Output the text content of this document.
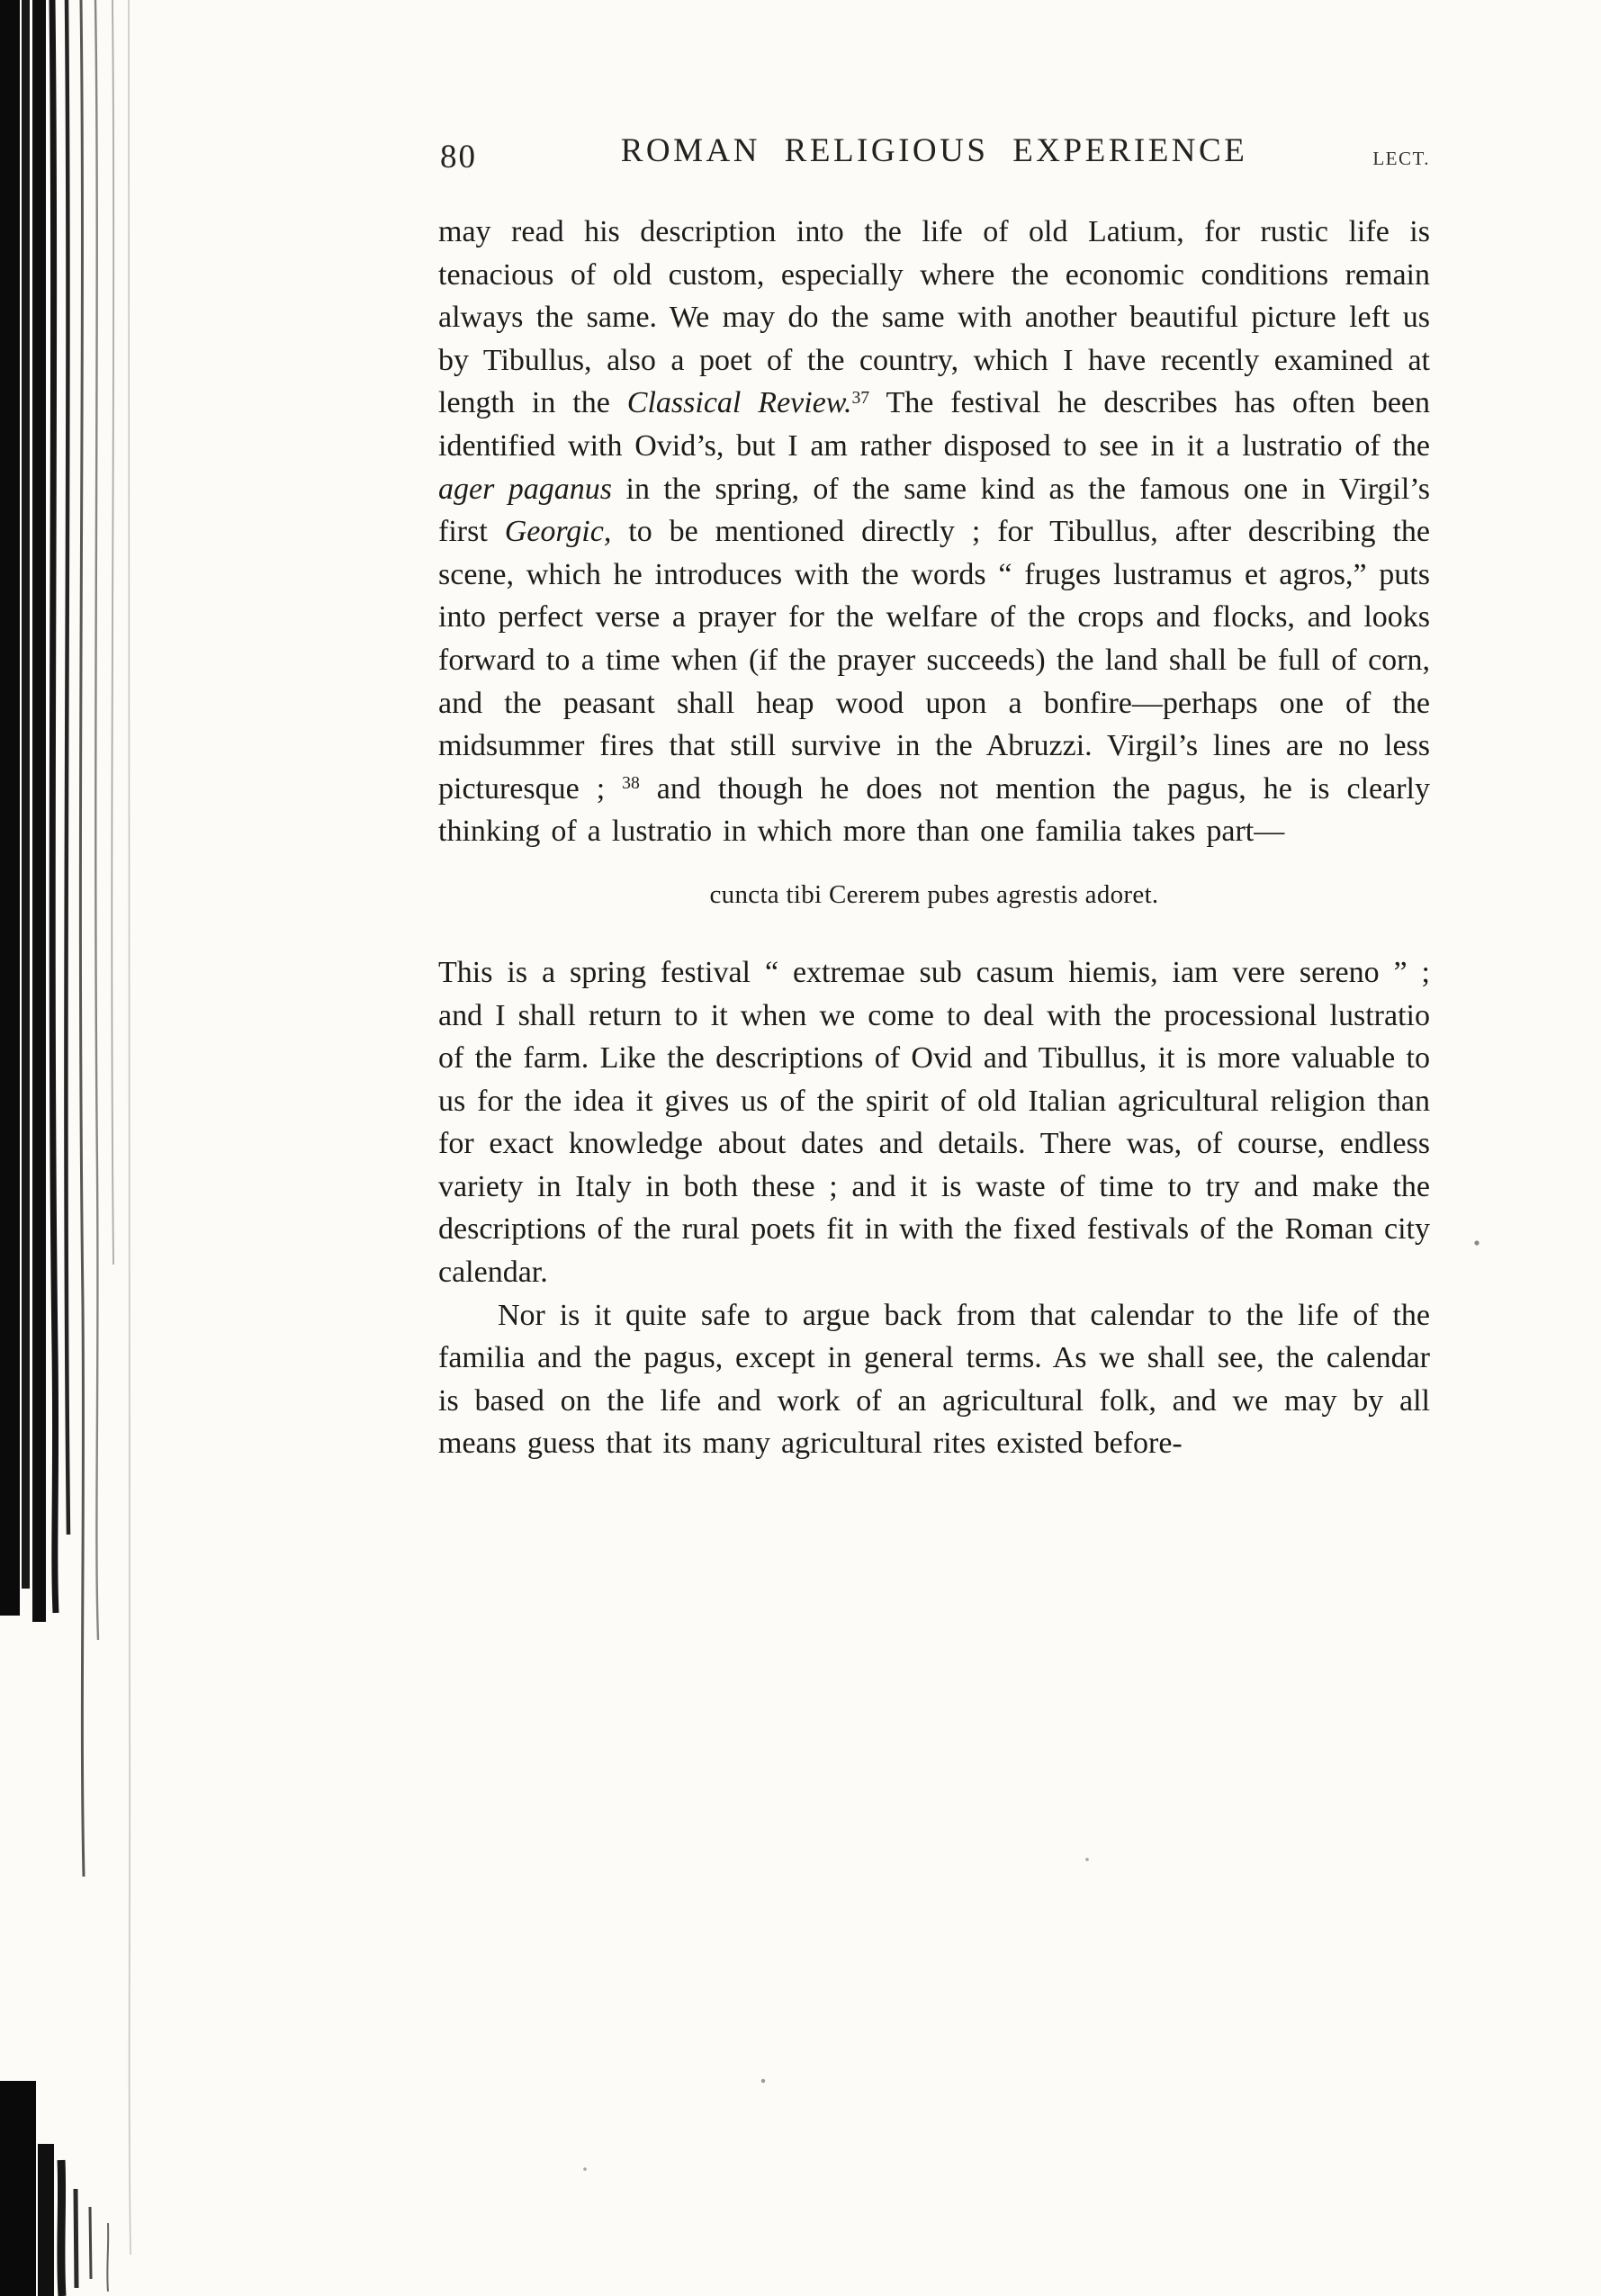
80	ROMAN RELIGIOUS EXPERIENCE	LECT.

may read his description into the life of old Latium, for rustic life is tenacious of old custom, especially where the economic conditions remain always the same. We may do the same with another beautiful picture left us by Tibullus, also a poet of the country, which I have recently examined at length in the Classical Review.$^{37}$ The festival he describes has often been identified with Ovid’s, but I am rather disposed to see in it a lustratio of the ager paganus in the spring, of the same kind as the famous one in Virgil’s first Georgic, to be mentioned directly ; for Tibullus, after describing the scene, which he introduces with the words “ fruges lustramus et agros,” puts into perfect verse a prayer for the welfare of the crops and flocks, and looks forward to a time when (if the prayer succeeds) the land shall be full of corn, and the peasant shall heap wood upon a bonfire—perhaps one of the midsummer fires that still survive in the Abruzzi. Virgil’s lines are no less picturesque ; $^{38}$ and though he does not mention the pagus, he is clearly thinking of a lustratio in which more than one familia takes part—

cuncta tibi Cererem pubes agrestis adoret.

This is a spring festival “ extremae sub casum hiemis, iam vere sereno ” ; and I shall return to it when we come to deal with the processional lustratio of the farm. Like the descriptions of Ovid and Tibullus, it is more valuable to us for the idea it gives us of the spirit of old Italian agricultural religion than for exact knowledge about dates and details. There was, of course, endless variety in Italy in both these ; and it is waste of time to try and make the descriptions of the rural poets fit in with the fixed festivals of the Roman city calendar.

Nor is it quite safe to argue back from that calendar to the life of the familia and the pagus, except in general terms. As we shall see, the calendar is based on the life and work of an agricultural folk, and we may by all means guess that its many agricultural rites existed before-
